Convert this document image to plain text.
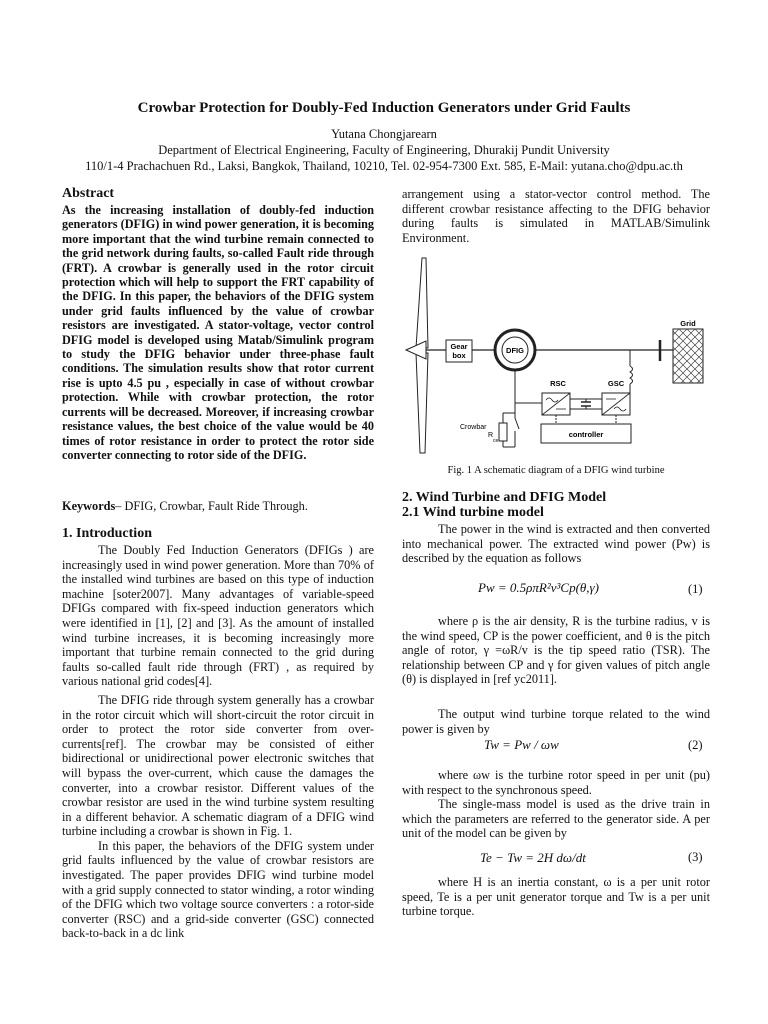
Crowbar Protection for Doubly-Fed Induction Generators under Grid Faults
Yutana Chongjarearn
Department of Electrical Engineering, Faculty of Engineering, Dhurakij Pundit University
110/1-4 Prachachuen Rd., Laksi, Bangkok, Thailand, 10210, Tel. 02-954-7300 Ext. 585, E-Mail: yutana.cho@dpu.ac.th
Abstract
As the increasing installation of doubly-fed induction generators (DFIG) in wind power generation, it is becoming more important that the wind turbine remain connected to the grid network during faults, so-called Fault ride through (FRT). A crowbar is generally used in the rotor circuit protection which will help to support the FRT capability of the DFIG. In this paper, the behaviors of the DFIG system under grid faults influenced by the value of crowbar resistors are investigated. A stator-voltage, vector control DFIG model is developed using Matab/Simulink program to study the DFIG behavior under three-phase fault conditions. The simulation results show that rotor current rise is upto 4.5 pu , especially in case of without crowbar protection. While with crowbar protection, the rotor currents will be decreased. Moreover, if increasing crowbar resistance values, the best choice of the value would be 40 times of rotor resistance in order to protect the rotor side converter connecting to rotor side of the DFIG.
Keywords– DFIG, Crowbar, Fault Ride Through.
1. Introduction
The Doubly Fed Induction Generators (DFIGs ) are increasingly used in wind power generation. More than 70% of the installed wind turbines are based on this type of induction machine [soter2007]. Many advantages of variable-speed DFIGs compared with fix-speed induction generators which were identified in [1], [2] and [3]. As the amount of installed wind turbine increases, it is becoming increasingly more important that turbine remain connected to the grid during faults so-called fault ride through (FRT) , as required by various national grid codes[4].
The DFIG ride through system generally has a crowbar in the rotor circuit which will short-circuit the rotor circuit in order to protect the rotor side converter from over-currents[ref]. The crowbar may be consisted of either bidirectional or unidirectional power electronic switches that will bypass the over-current, which cause the damages the converter, into a crowbar resistor. Different values of the crowbar resistor are used in the wind turbine system resulting in a different behavior. A schematic diagram of a DFIG wind turbine including a crowbar is shown in Fig. 1.
In this paper, the behaviors of the DFIG system under grid faults influenced by the value of crowbar resistors are investigated. The paper provides DFIG wind turbine model with a grid supply connected to stator winding, a rotor winding of the DFIG which two voltage source converters : a rotor-side converter (RSC) and a grid-side converter (GSC) connected back-to-back in a dc link
arrangement using a stator-vector control method. The different crowbar resistance affecting to the DFIG behavior during faults is simulated in MATLAB/Simulink Environment.
Gear
box
DFIG
Grid
RSC	GSC
controller
Crowbar
R
ce
Fig. 1 A schematic diagram of a DFIG wind turbine
2. Wind Turbine and DFIG Model
2.1 Wind turbine model
The power in the wind is extracted and then converted into mechanical power. The extracted wind power (Pw) is described by the equation as follows
Pw = 0.5ρπR²v³Cp(θ,γ)	(1)
where ρ is the air density, R is the turbine radius, v is the wind speed, CP is the power coefficient, and θ is the pitch angle of rotor, γ =ωR/v is the tip speed ratio (TSR). The relationship between CP and γ for given values of pitch angle (θ) is displayed in [ref yc2011].
The output wind turbine torque related to the wind power is given by
Tw = Pw / ωw	(2)
where ωw is the turbine rotor speed in per unit (pu) with respect to the synchronous speed.
The single-mass model is used as the drive train in which the parameters are referred to the generator side. A per unit of the model can be given by
Te − Tw = 2H dω/dt	(3)
where H is an inertia constant, ω is a per unit rotor speed, Te is a per unit generator torque and Tw is a per unit turbine torque.
